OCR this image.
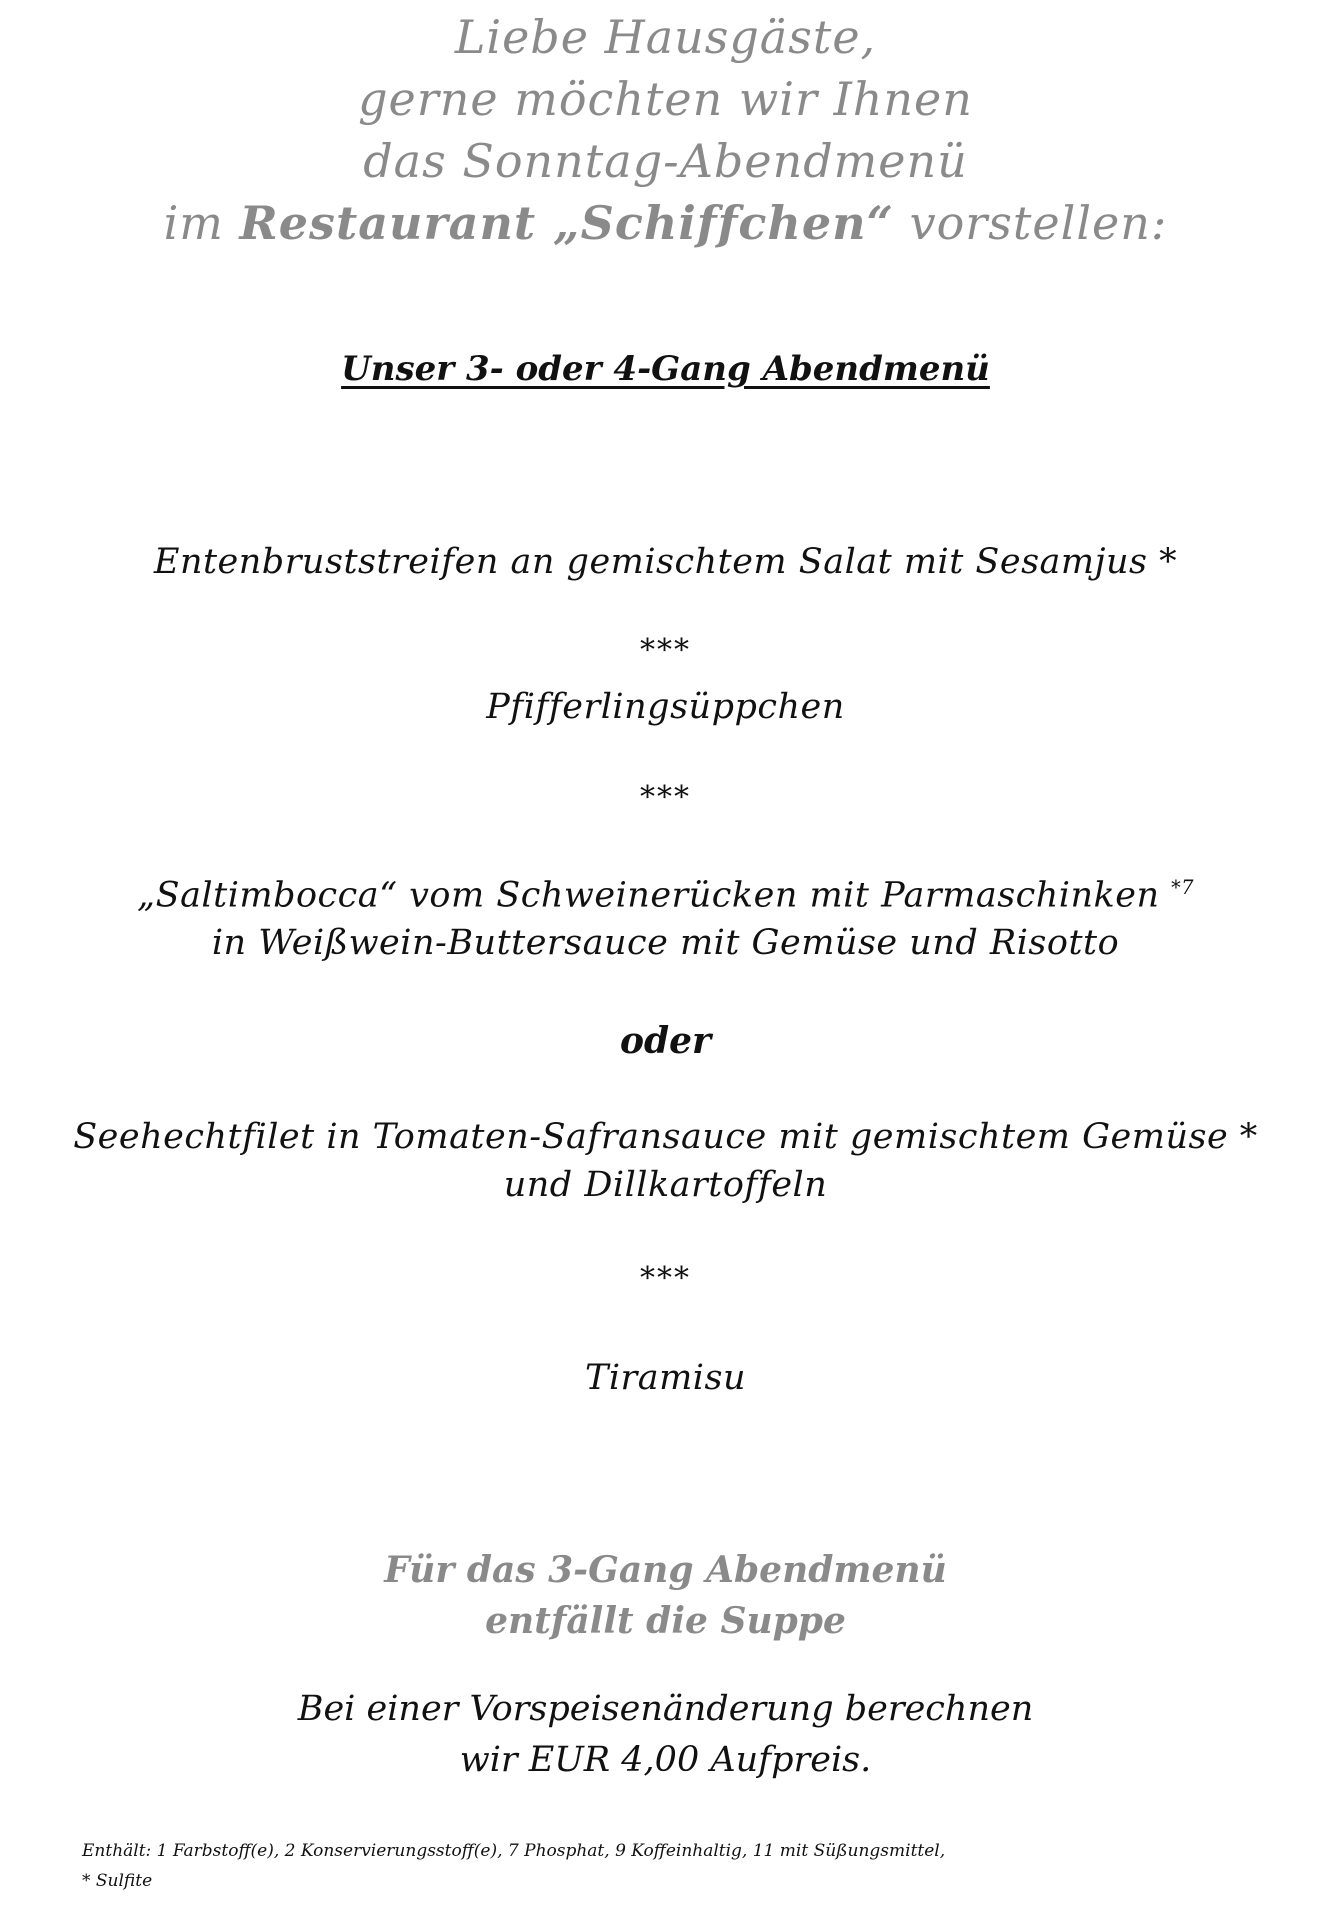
Liebe Hausgäste,
gerne möchten wir Ihnen
das Sonntag-Abendmenü
im Restaurant „Schiffchen“ vorstellen:
Unser 3- oder 4-Gang Abendmenü
Entenbruststreifen an gemischtem Salat mit Sesamjus *
***
Pfifferlingsüppchen
***
„Saltimbocca“ vom Schweinerücken mit Parmaschinken $^{*7}$
in Weißwein-Buttersauce mit Gemüse und Risotto
oder
Seehechtfilet in Tomaten-Safransauce mit gemischtem Gemüse *
und Dillkartoffeln
***
Tiramisu
Für das 3-Gang Abendmenü
entfällt die Suppe
Bei einer Vorspeisenänderung berechnen
wir EUR 4,00 Aufpreis.
Enthält: 1 Farbstoff(e), 2 Konservierungsstoff(e), 7 Phosphat, 9 Koffeinhaltig, 11 mit Süßungsmittel,
* Sulfite
